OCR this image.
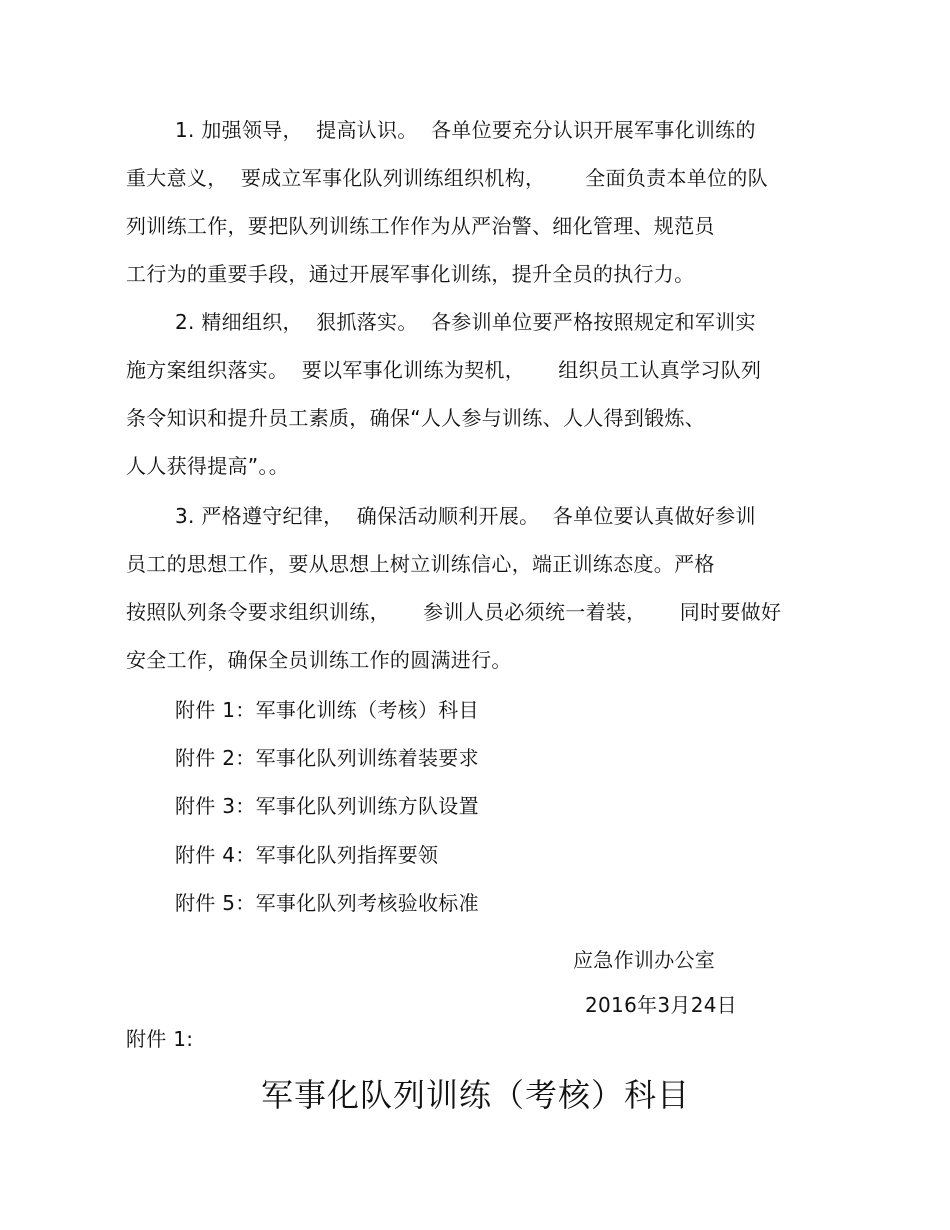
1. 加强领导，  提高认识。  各单位要充分认识开展军事化训练的
重大意义，  要成立军事化队列训练组织机构，      全面负责本单位的队
列训练工作，要把队列训练工作作为从严治警、细化管理、规范员
工行为的重要手段，通过开展军事化训练，提升全员的执行力。
2. 精细组织，  狠抓落实。  各参训单位要严格按照规定和军训实
施方案组织落实。  要以军事化训练为契机，     组织员工认真学习队列
条令知识和提升员工素质，确保“人人参与训练、人人得到锻炼、
人人获得提高”。。
3. 严格遵守纪律，  确保活动顺利开展。  各单位要认真做好参训
员工的思想工作，要从思想上树立训练信心，端正训练态度。严格
按照队列条令要求组织训练，     参训人员必须统一着装，     同时要做好
安全工作，确保全员训练工作的圆满进行。
附件 1：军事化训练（考核）科目
附件 2：军事化队列训练着装要求
附件 3：军事化队列训练方队设置
附件 4：军事化队列指挥要领
附件 5：军事化队列考核验收标准
应急作训办公室
2016年3月24日
附件 1:
军事化队列训练（考核）科目
